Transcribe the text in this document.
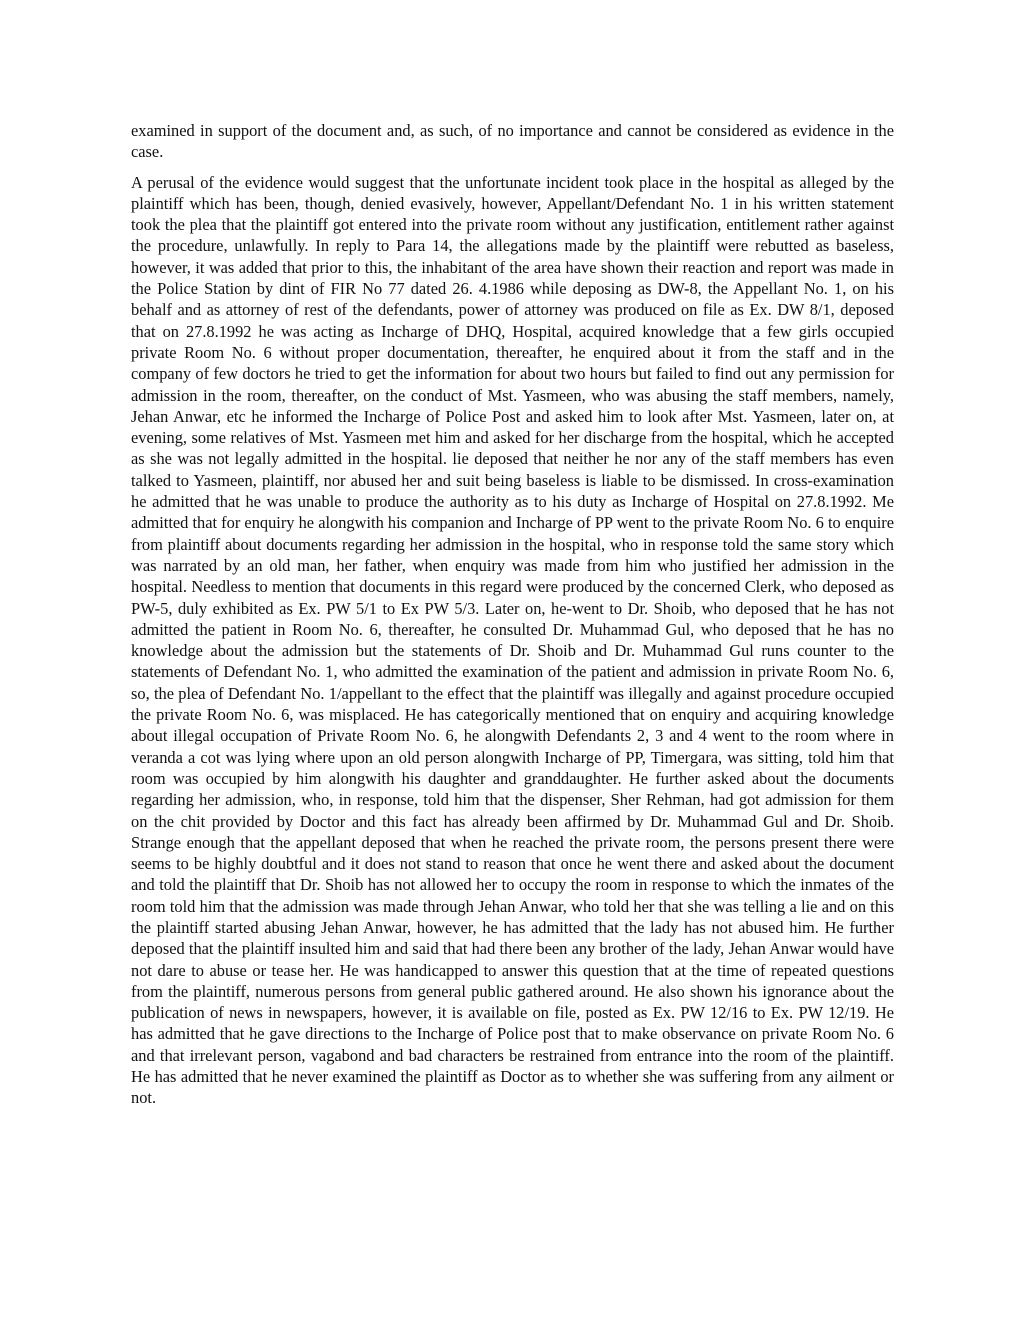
examined in support of the document and, as such, of no importance and cannot be considered as evidence in the case.

A perusal of the evidence would suggest that the unfortunate incident took place in the hospital as alleged by the plaintiff which has been, though, denied evasively, however, Appellant/Defendant No. 1 in his written statement took the plea that the plaintiff got entered into the private room without any justification, entitlement rather against the procedure, unlawfully. In reply to Para 14, the allegations made by the plaintiff were rebutted as baseless, however, it was added that prior to this, the inhabitant of the area have shown their reaction and report was made in the Police Station by dint of FIR No 77 dated 26. 4.1986 while deposing as DW-8, the Appellant No. 1, on his behalf and as attorney of rest of the defendants, power of attorney was produced on file as Ex. DW 8/1, deposed that on 27.8.1992 he was acting as Incharge of DHQ, Hospital, acquired knowledge that a few girls occupied private Room No. 6 without proper documentation, thereafter, he enquired about it from the staff and in the company of few doctors he tried to get the information for about two hours but failed to find out any permission for admission in the room, thereafter, on the conduct of Mst. Yasmeen, who was abusing the staff members, namely, Jehan Anwar, etc he informed the Incharge of Police Post and asked him to look after Mst. Yasmeen, later on, at evening, some relatives of Mst. Yasmeen met him and asked for her discharge from the hospital, which he accepted as she was not legally admitted in the hospital. lie deposed that neither he nor any of the staff members has even talked to Yasmeen, plaintiff, nor abused her and suit being baseless is liable to be dismissed. In cross-examination he admitted that he was unable to produce the authority as to his duty as Incharge of Hospital on 27.8.1992. Me admitted that for enquiry he alongwith his companion and Incharge of PP went to the private Room No. 6 to enquire from plaintiff about documents regarding her admission in the hospital, who in response told the same story which was narrated by an old man, her father, when enquiry was made from him who justified her admission in the hospital. Needless to mention that documents in this regard were produced by the concerned Clerk, who deposed as PW-5, duly exhibited as Ex. PW 5/1 to Ex PW 5/3. Later on, he-went to Dr. Shoib, who deposed that he has not admitted the patient in Room No. 6, thereafter, he consulted Dr. Muhammad Gul, who deposed that he has no knowledge about the admission but the statements of Dr. Shoib and Dr. Muhammad Gul runs counter to the statements of Defendant No. 1, who admitted the examination of the patient and admission in private Room No. 6, so, the plea of Defendant No. 1/appellant to the effect that the plaintiff was illegally and against procedure occupied the private Room No. 6, was misplaced. He has categorically mentioned that on enquiry and acquiring knowledge about illegal occupation of Private Room No. 6, he alongwith Defendants 2, 3 and 4 went to the room where in veranda a cot was lying where upon an old person alongwith Incharge of PP, Timergara, was sitting, told him that room was occupied by him alongwith his daughter and granddaughter. He further asked about the documents regarding her admission, who, in response, told him that the dispenser, Sher Rehman, had got admission for them on the chit provided by Doctor and this fact has already been affirmed by Dr. Muhammad Gul and Dr. Shoib. Strange enough that the appellant deposed that when he reached the private room, the persons present there were seems to be highly doubtful and it does not stand to reason that once he went there and asked about the document and told the plaintiff that Dr. Shoib has not allowed her to occupy the room in response to which the inmates of the room told him that the admission was made through Jehan Anwar, who told her that she was telling a lie and on this the plaintiff started abusing Jehan Anwar, however, he has admitted that the lady has not abused him. He further deposed that the plaintiff insulted him and said that had there been any brother of the lady, Jehan Anwar would have not dare to abuse or tease her. He was handicapped to answer this question that at the time of repeated questions from the plaintiff, numerous persons from general public gathered around. He also shown his ignorance about the publication of news in newspapers, however, it is available on file, posted as Ex. PW 12/16 to Ex. PW 12/19. He has admitted that he gave directions to the Incharge of Police post that to make observance on private Room No. 6 and that irrelevant person, vagabond and bad characters be restrained from entrance into the room of the plaintiff. He has admitted that he never examined the plaintiff as Doctor as to whether she was suffering from any ailment or not.
